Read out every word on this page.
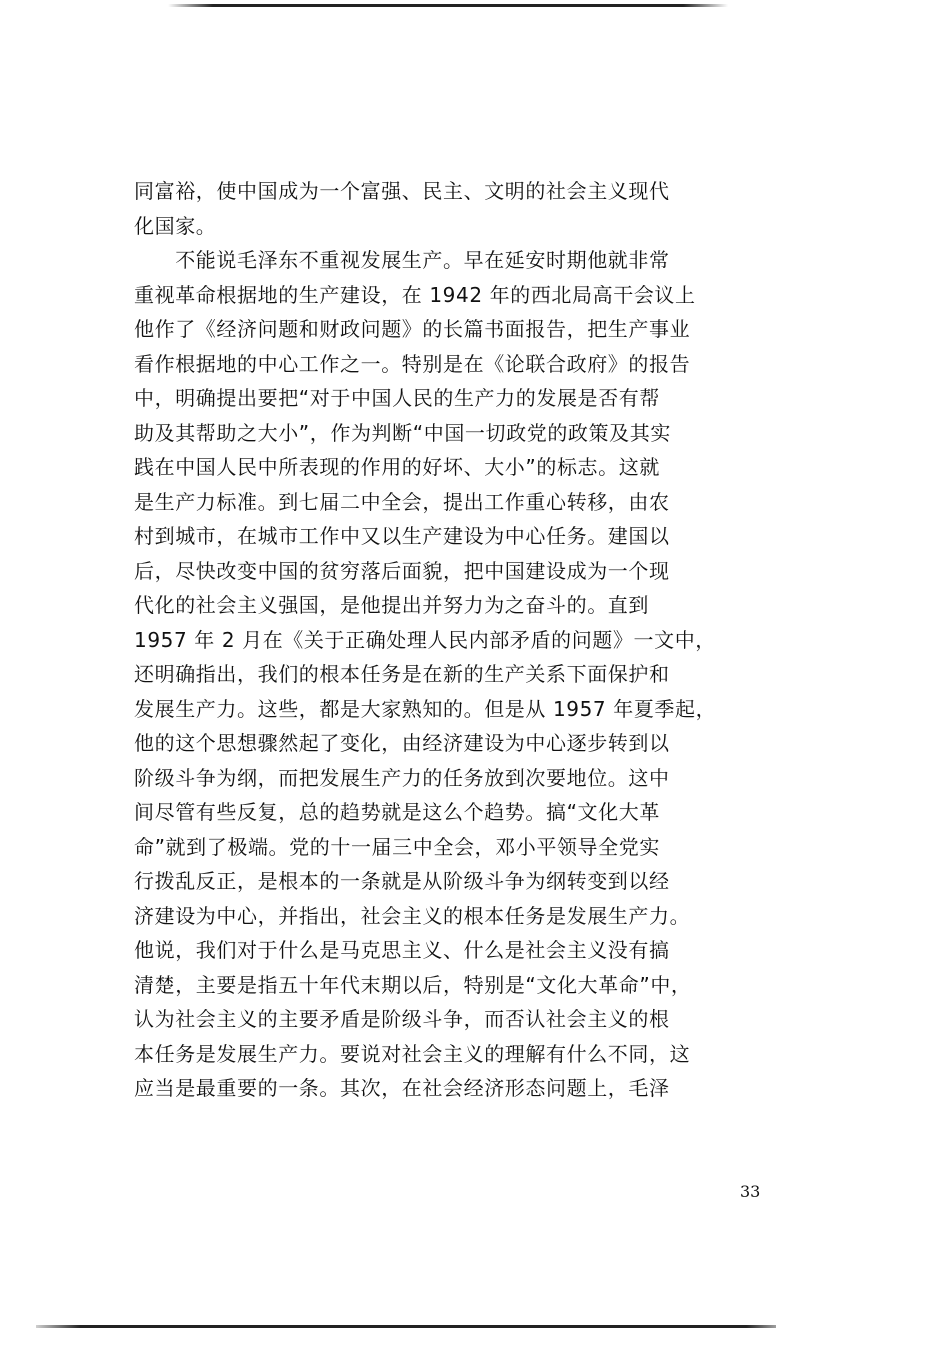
同富裕，使中国成为一个富强、民主、文明的社会主义现代
化国家。
　　不能说毛泽东不重视发展生产。早在延安时期他就非常
重视革命根据地的生产建设，在 1942 年的西北局高干会议上
他作了《经济问题和财政问题》的长篇书面报告，把生产事业
看作根据地的中心工作之一。特别是在《论联合政府》的报告
中，明确提出要把“对于中国人民的生产力的发展是否有帮
助及其帮助之大小”，作为判断“中国一切政党的政策及其实
践在中国人民中所表现的作用的好坏、大小”的标志。这就
是生产力标准。到七届二中全会，提出工作重心转移，由农
村到城市，在城市工作中又以生产建设为中心任务。建国以
后，尽快改变中国的贫穷落后面貌，把中国建设成为一个现
代化的社会主义强国，是他提出并努力为之奋斗的。直到
1957 年 2 月在《关于正确处理人民内部矛盾的问题》一文中，
还明确指出，我们的根本任务是在新的生产关系下面保护和
发展生产力。这些，都是大家熟知的。但是从 1957 年夏季起，
他的这个思想骤然起了变化，由经济建设为中心逐步转到以
阶级斗争为纲，而把发展生产力的任务放到次要地位。这中
间尽管有些反复，总的趋势就是这么个趋势。搞“文化大革
命”就到了极端。党的十一届三中全会，邓小平领导全党实
行拨乱反正，是根本的一条就是从阶级斗争为纲转变到以经
济建设为中心，并指出，社会主义的根本任务是发展生产力。
他说，我们对于什么是马克思主义、什么是社会主义没有搞
清楚，主要是指五十年代末期以后，特别是“文化大革命”中，
认为社会主义的主要矛盾是阶级斗争，而否认社会主义的根
本任务是发展生产力。要说对社会主义的理解有什么不同，这
应当是最重要的一条。其次，在社会经济形态问题上，毛泽
33
